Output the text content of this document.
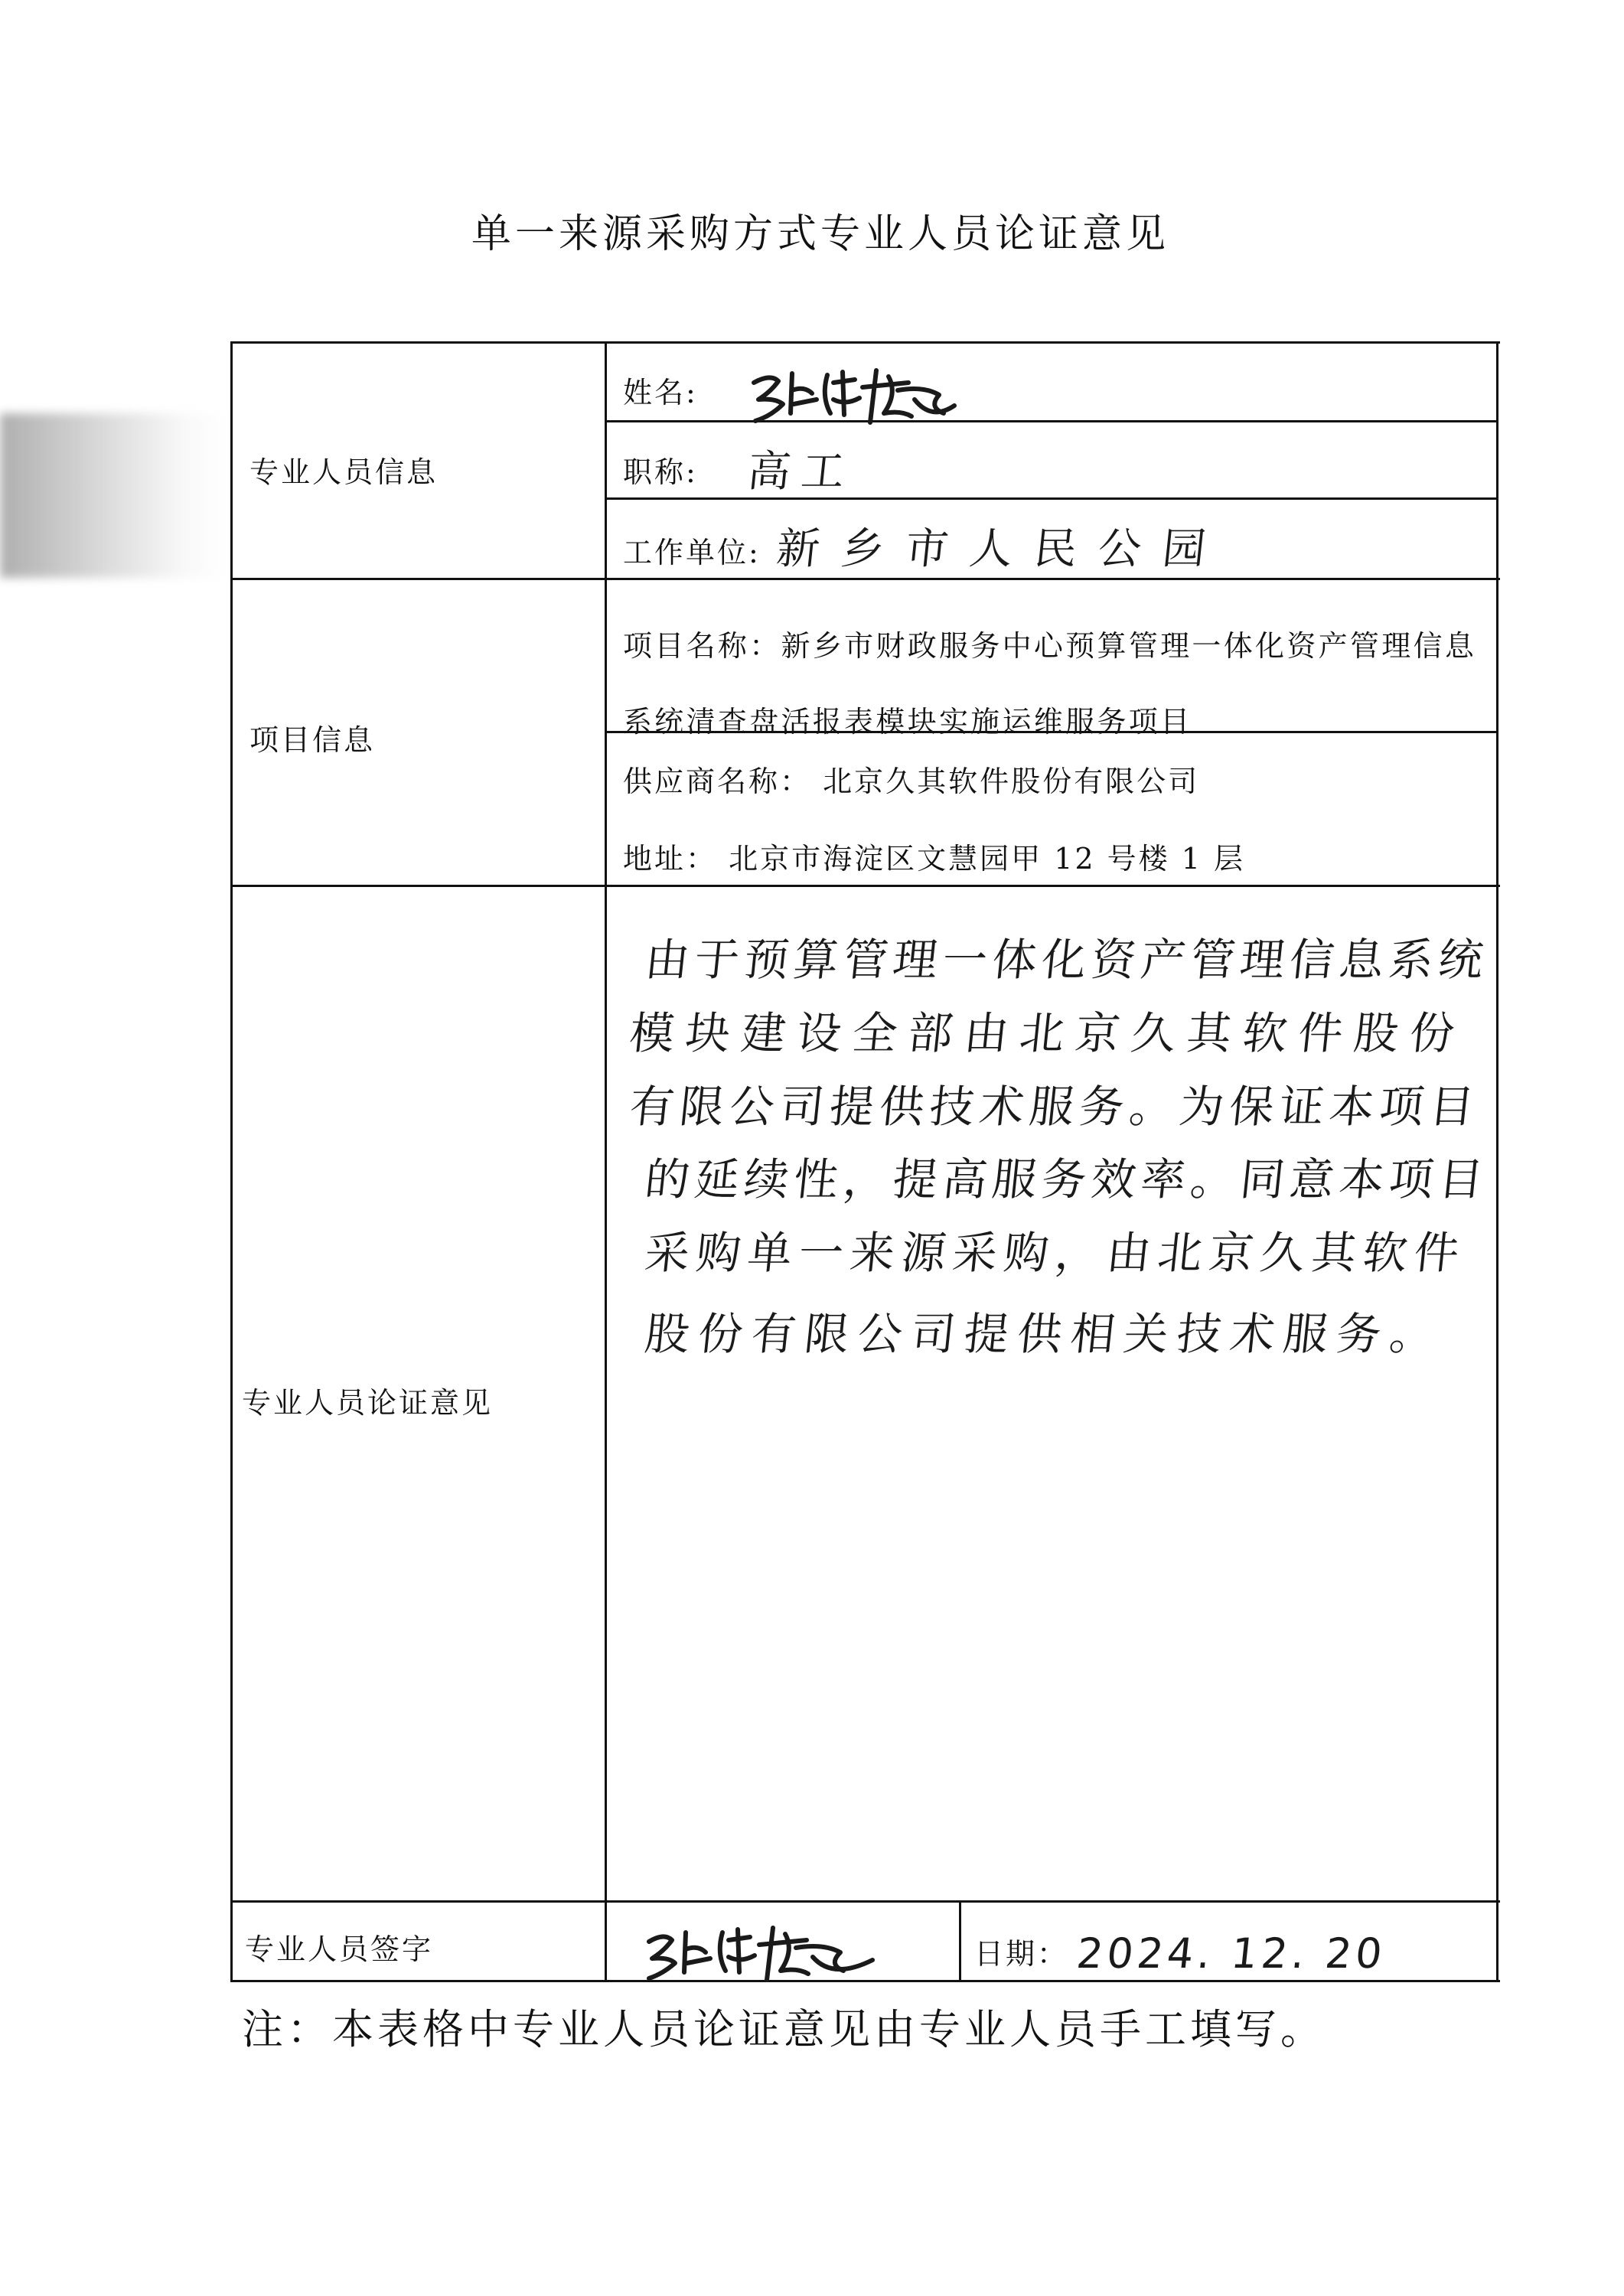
单一来源采购方式专业人员论证意见
专业人员信息
姓名:
职称: 高工
工作单位: 新乡市人民公园
项目信息
项目名称：新乡市财政服务中心预算管理一体化资产管理信息系统清查盘活报表模块实施运维服务项目
供应商名称： 北京久其软件股份有限公司
地址： 北京市海淀区文慧园甲 12 号楼 1 层
专业人员论证意见
由于预算管理一体化资产管理信息系统
模块建设全部由北京久其软件股份
有限公司提供技术服务。为保证本项目
的延续性，提高服务效率。同意本项目
采购单一来源采购，由北京久其软件
股份有限公司提供相关技术服务。
专业人员签字	日期： 2024. 12. 20
注：本表格中专业人员论证意见由专业人员手工填写。
